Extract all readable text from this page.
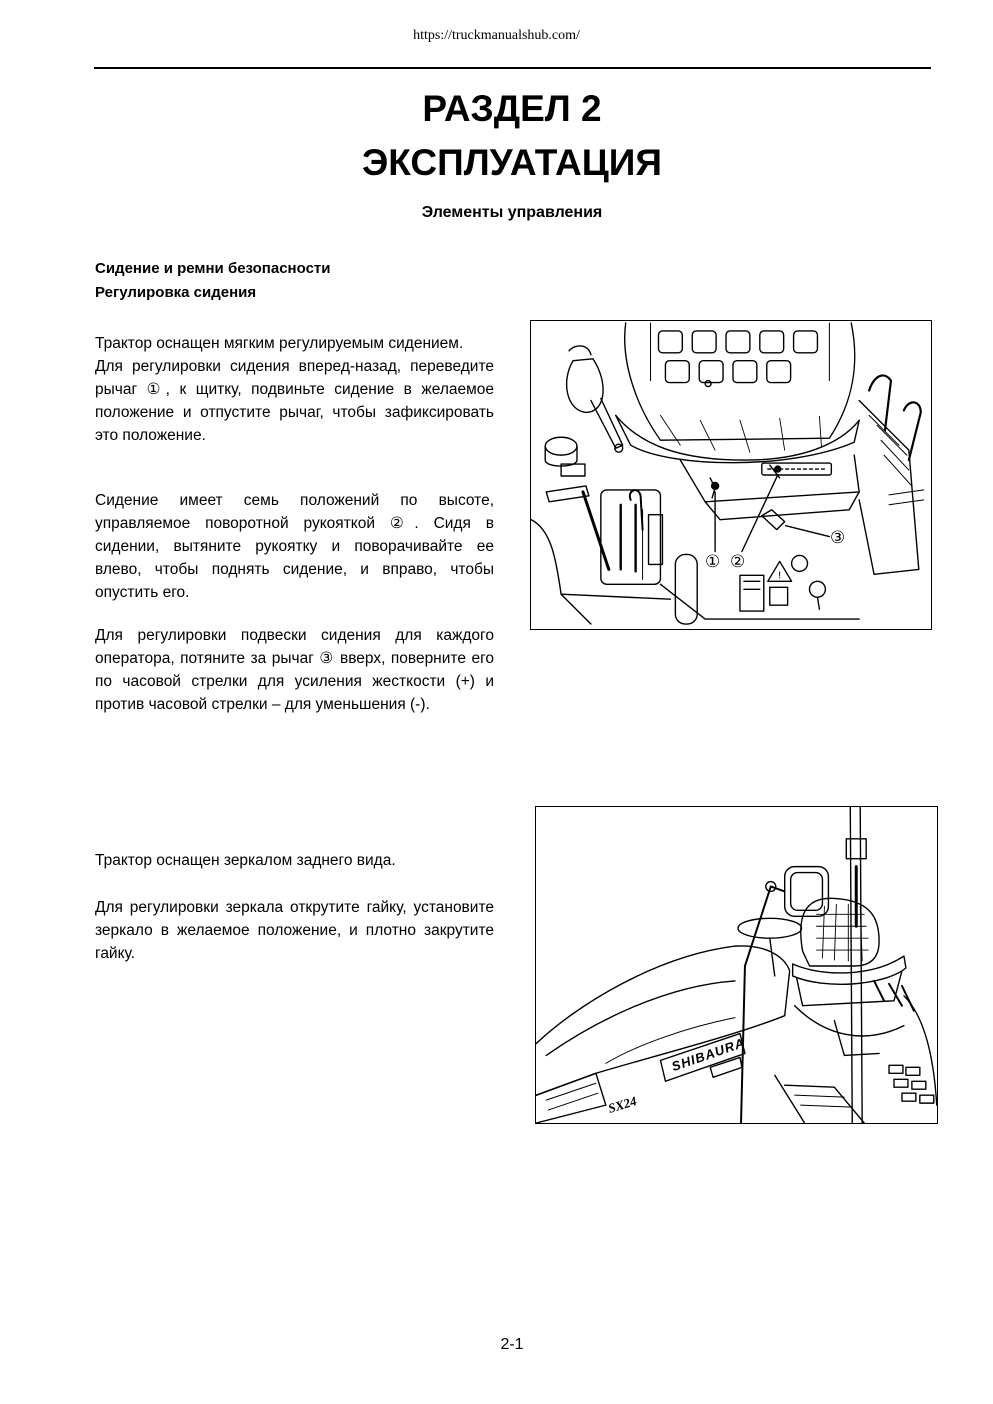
https://truckmanualshub.com/
РАЗДЕЛ 2
ЭКСПЛУАТАЦИЯ
Элементы управления
Сидение и ремни безопасности
Регулировка сидения
Трактор оснащен мягким регулируемым сидением.
Для регулировки сидения вперед-назад, переведите рычаг ①, к щитку, подвиньте сидение в желаемое положение и отпустите рычаг, чтобы зафиксировать это положение.
Сидение имеет семь положений по высоте, управляемое поворотной рукояткой ②. Сидя в сидении, вытяните рукоятку и поворачивайте ее влево, чтобы поднять сидение, и вправо, чтобы опустить его.
Для регулировки подвески сидения для каждого оператора, потяните за рычаг ③ вверх, поверните его по часовой стрелки для усиления жесткости (+) и против часовой стрелки – для уменьшения (-).
!
① ②
③
Трактор оснащен зеркалом заднего вида.
Для регулировки зеркала открутите гайку, установите зеркало в желаемое положение, и плотно закрутите гайку.
SHIBAURA
SX24
2-1
